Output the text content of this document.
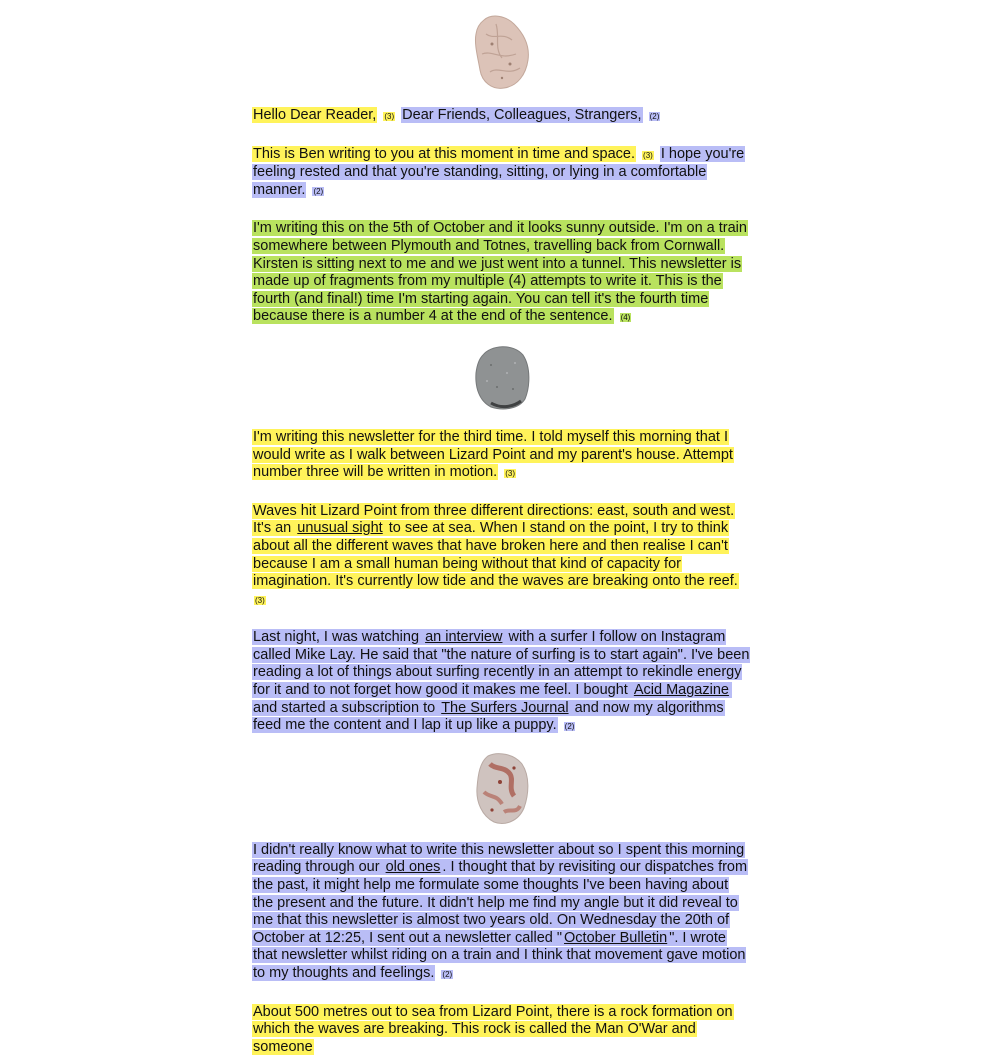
Hello Dear Reader, (3) Dear Friends, Colleagues, Strangers, (2)

This is Ben writing to you at this moment in time and space. (3) I hope you're feeling rested and that you're standing, sitting, or lying in a comfortable manner. (2)

I'm writing this on the 5th of October and it looks sunny outside. I'm on a train somewhere between Plymouth and Totnes, travelling back from Cornwall. Kirsten is sitting next to me and we just went into a tunnel. This newsletter is made up of fragments from my multiple (4) attempts to write it. This is the fourth (and final!) time I'm starting again. You can tell it's the fourth time because there is a number 4 at the end of the sentence. (4)

I'm writing this newsletter for the third time. I told myself this morning that I would write as I walk between Lizard Point and my parent's house. Attempt number three will be written in motion. (3)

Waves hit Lizard Point from three different directions: east, south and west. It's an unusual sight to see at sea. When I stand on the point, I try to think about all the different waves that have broken here and then realise I can't because I am a small human being without that kind of capacity for imagination. It's currently low tide and the waves are breaking onto the reef. (3)

Last night, I was watching an interview with a surfer I follow on Instagram called Mike Lay. He said that "the nature of surfing is to start again". I've been reading a lot of things about surfing recently in an attempt to rekindle energy for it and to not forget how good it makes me feel. I bought Acid Magazine and started a subscription to The Surfers Journal and now my algorithms feed me the content and I lap it up like a puppy. (2)

I didn't really know what to write this newsletter about so I spent this morning reading through our old ones . I thought that by revisiting our dispatches from the past, it might help me formulate some thoughts I've been having about the present and the future. It didn't help me find my angle but it did reveal to me that this newsletter is almost two years old. On Wednesday the 20th of October at 12:25, I sent out a newsletter called " October Bulletin ". I wrote that newsletter whilst riding on a train and I think that movement gave motion to my thoughts and feelings. (2)

About 500 metres out to sea from Lizard Point, there is a rock formation on which the waves are breaking. This rock is called the Man O'War and someone
